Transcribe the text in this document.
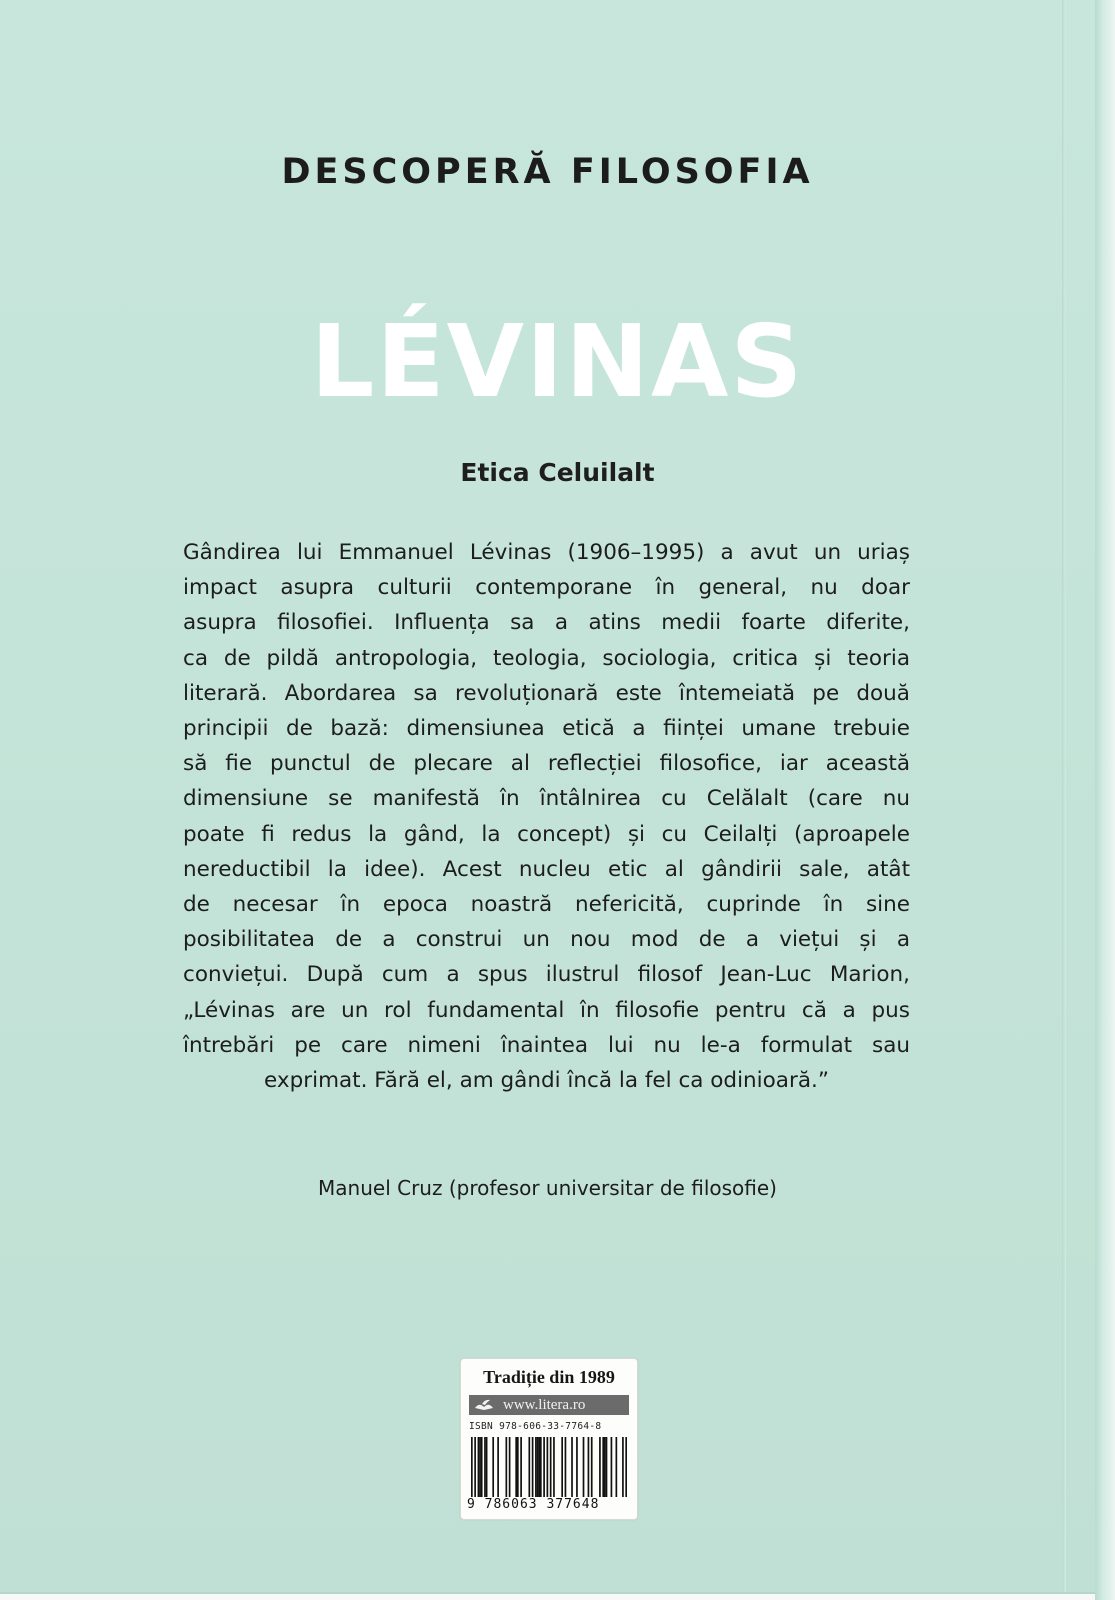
DESCOPERĂ FILOSOFIA
LÉVINAS
Etica Celuilalt
Gândirea lui Emmanuel Lévinas (1906–1995) a avut un uriaș
impact asupra culturii contemporane în general, nu doar
asupra filosofiei. Influența sa a atins medii foarte diferite,
ca de pildă antropologia, teologia, sociologia, critica și teoria
literară. Abordarea sa revoluționară este întemeiată pe două
principii de bază: dimensiunea etică a ființei umane trebuie
să fie punctul de plecare al reflecției filosofice, iar această
dimensiune se manifestă în întâlnirea cu Celălalt (care nu
poate fi redus la gând, la concept) și cu Ceilalți (aproapele
nereductibil la idee). Acest nucleu etic al gândirii sale, atât
de necesar în epoca noastră nefericită, cuprinde în sine
posibilitatea de a construi un nou mod de a viețui și a
conviețui. După cum a spus ilustrul filosof Jean-Luc Marion,
„Lévinas are un rol fundamental în filosofie pentru că a pus
întrebări pe care nimeni înaintea lui nu le-a formulat sau
exprimat. Fără el, am gândi încă la fel ca odinioară.”
Manuel Cruz (profesor universitar de filosofie)
Tradiție din 1989
www.litera.ro
ISBN 978-606-33-7764-8
9 786063 377648
